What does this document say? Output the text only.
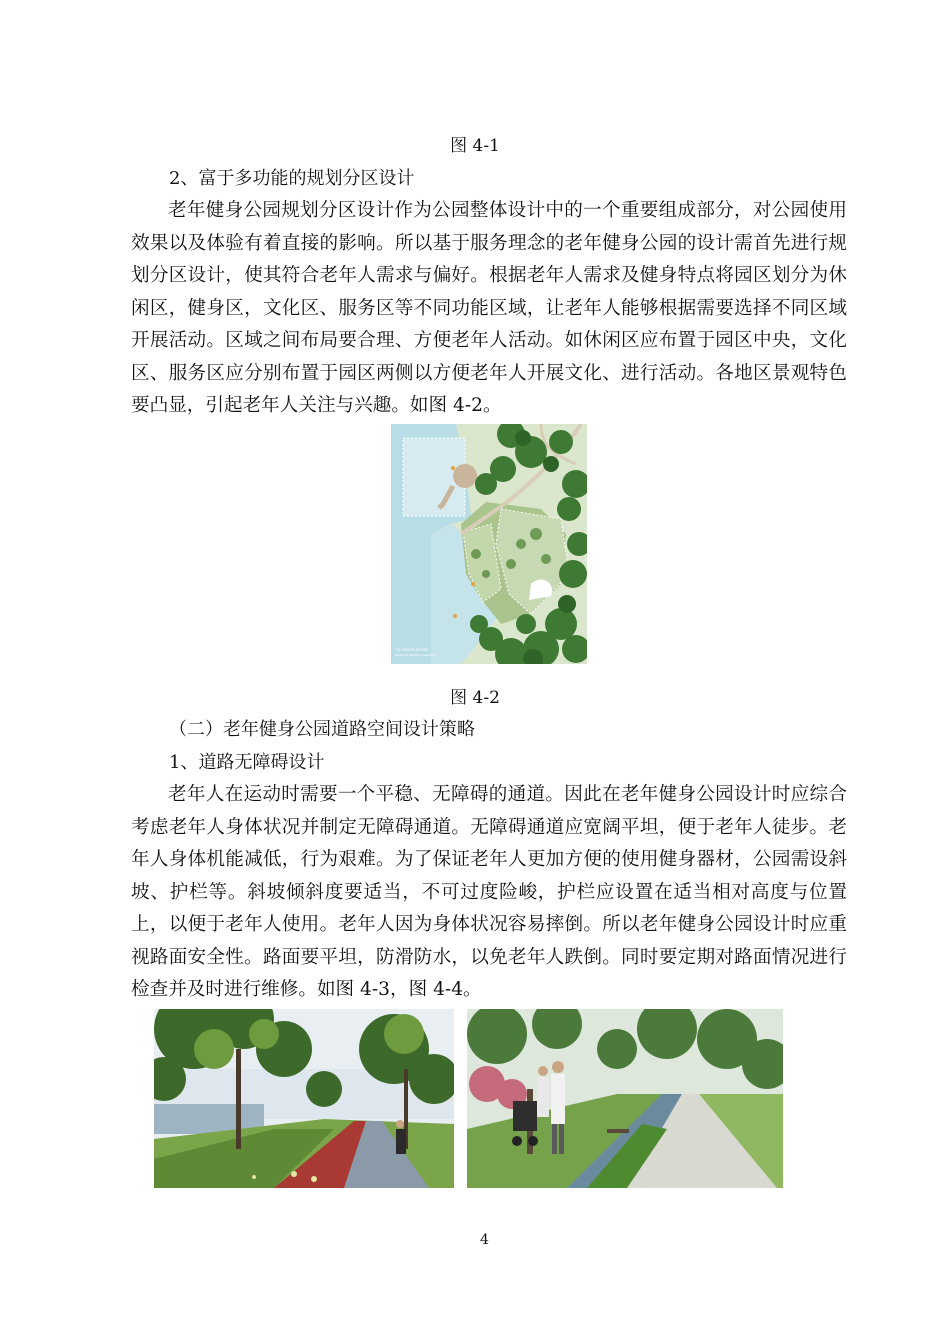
图 4-1
2、富于多功能的规划分区设计

老年健身公园规划分区设计作为公园整体设计中的一个重要组成部分，对公园使用效果以及体验有着直接的影响。所以基于服务理念的老年健身公园的设计需首先进行规划分区设计，使其符合老年人需求与偏好。根据老年人需求及健身特点将园区划分为休闲区，健身区，文化区、服务区等不同功能区域，让老年人能够根据需要选择不同区域开展活动。区域之间布局要合理、方便老年人活动。如休闲区应布置于园区中央，文化区、服务区应分别布置于园区两侧以方便老年人开展文化、进行活动。各地区景观特色要凸显，引起老年人关注与兴趣。如图 4-2。

THE PRAIRIE WOODS
Regional planting diagram
图 4-2
（二）老年健身公园道路空间设计策略
1、道路无障碍设计

老年人在运动时需要一个平稳、无障碍的通道。因此在老年健身公园设计时应综合考虑老年人身体状况并制定无障碍通道。无障碍通道应宽阔平坦，便于老年人徒步。老年人身体机能减低，行为艰难。为了保证老年人更加方便的使用健身器材，公园需设斜坡、护栏等。斜坡倾斜度要适当，不可过度险峻，护栏应设置在适当相对高度与位置上，以便于老年人使用。老年人因为身体状况容易摔倒。所以老年健身公园设计时应重视路面安全性。路面要平坦，防滑防水，以免老年人跌倒。同时要定期对路面情况进行检查并及时进行维修。如图 4-3，图 4-4。

4
